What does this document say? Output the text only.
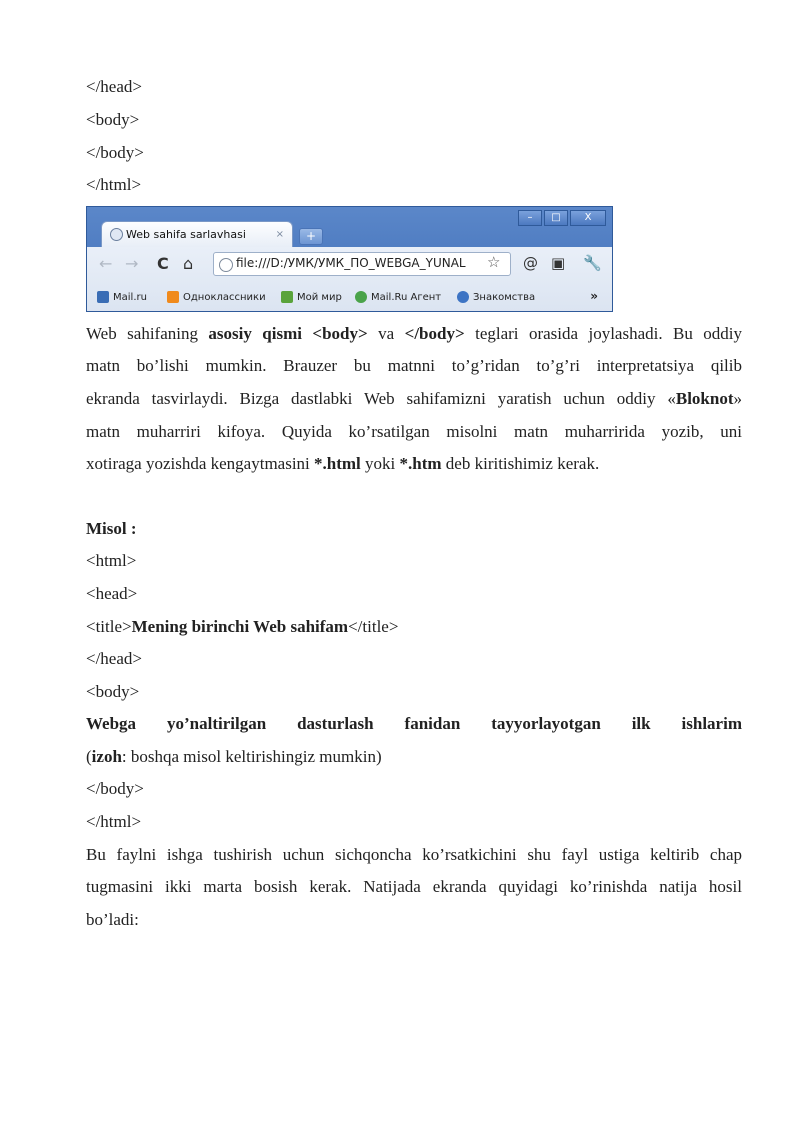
</head>
<body>
</body>
</html>
–	□	X
Web sahifa sarlavhasi	×	+
← → C ⌂	file:///D:/УМК/УМК_ПО_WEBGA_YUNAL ☆ @ ▣ 🔧
Mail.ru	Одноклассники	Мой мир	Mail.Ru Агент	Знакомства	»
Web sahifaning asosiy qismi <body> va </body> teglari orasida joylashadi. Bu oddiy
matn bo’lishi mumkin. Brauzer bu matnni to’g’ridan to’g’ri interpretatsiya qilib
ekranda tasvirlaydi. Bizga dastlabki Web sahifamizni yaratish uchun oddiy «Bloknot»
matn muharriri kifoya. Quyida ko’rsatilgan misolni matn muharririda yozib, uni
xotiraga yozishda kengaytmasini *.html yoki *.htm deb kiritishimiz kerak.
Misol :
<html>
<head>
<title>Mening birinchi Web sahifam</title>
</head>
<body>
Webga yo’naltirilgan dasturlash fanidan tayyorlayotgan ilk ishlarim
(izoh: boshqa misol keltirishingiz mumkin)
</body>
</html>
Bu faylni ishga tushirish uchun sichqoncha ko’rsatkichini shu fayl ustiga keltirib chap
tugmasini ikki marta bosish kerak. Natijada ekranda quyidagi ko’rinishda natija hosil
bo’ladi:
